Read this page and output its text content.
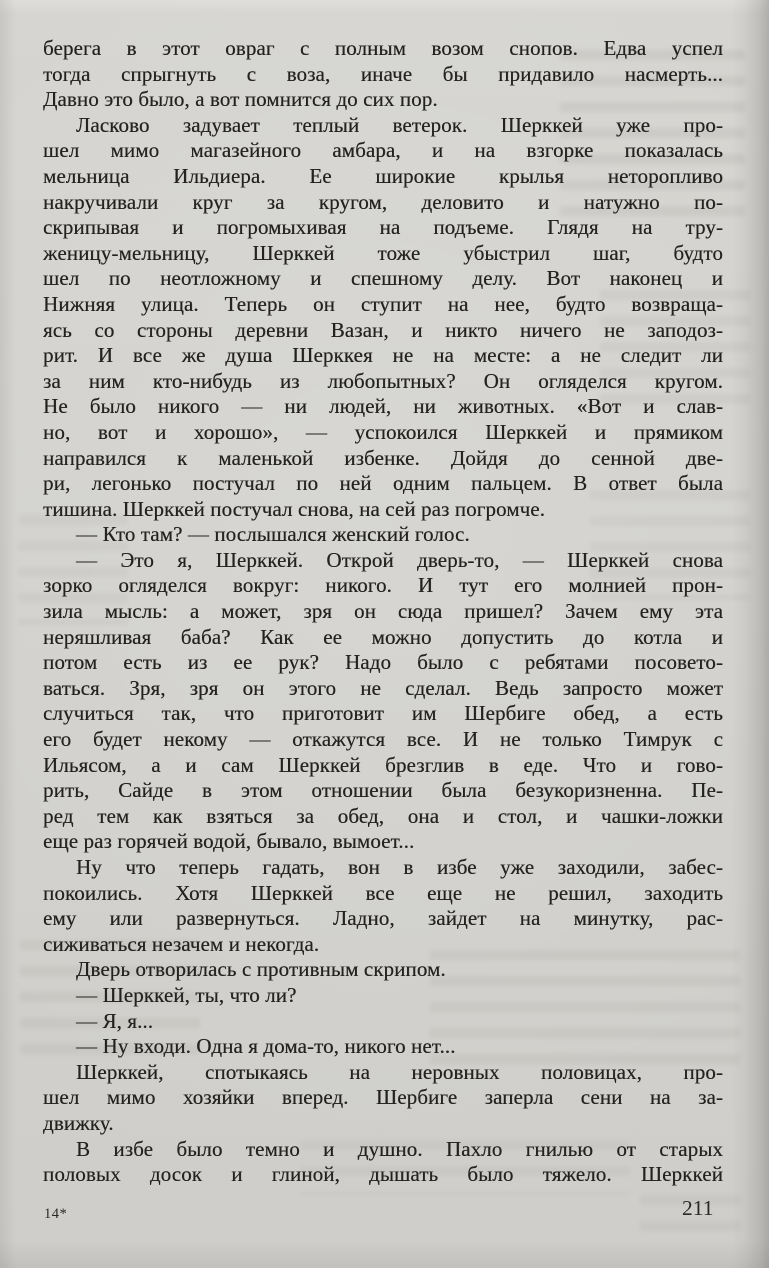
берега в этот овраг с полным возом снопов. Едва успел
тогда спрыгнуть с воза, иначе бы придавило насмерть...
Давно это было, а вот помнится до сих пор.
Ласково задувает теплый ветерок. Шерккей уже про-
шел мимо магазейного амбара, и на взгорке показалась
мельница Ильдиера. Ее широкие крылья неторопливо
накручивали круг за кругом, деловито и натужно по-
скрипывая и погромыхивая на подъеме. Глядя на тру-
женицу-мельницу, Шерккей тоже убыстрил шаг, будто
шел по неотложному и спешному делу. Вот наконец и
Нижняя улица. Теперь он ступит на нее, будто возвраща-
ясь со стороны деревни Вазан, и никто ничего не заподоз-
рит. И все же душа Шерккея не на месте: а не следит ли
за ним кто-нибудь из любопытных? Он огляделся кругом.
Не было никого — ни людей, ни животных. «Вот и слав-
но, вот и хорошо», — успокоился Шерккей и прямиком
направился к маленькой избенке. Дойдя до сенной две-
ри, легонько постучал по ней одним пальцем. В ответ была
тишина. Шерккей постучал снова, на сей раз погромче.
— Кто там? — послышался женский голос.
— Это я, Шерккей. Открой дверь-то, — Шерккей снова
зорко огляделся вокруг: никого. И тут его молнией прон-
зила мысль: а может, зря он сюда пришел? Зачем ему эта
неряшливая баба? Как ее можно допустить до котла и
потом есть из ее рук? Надо было с ребятами посовето-
ваться. Зря, зря он этого не сделал. Ведь запросто может
случиться так, что приготовит им Шербиге обед, а есть
его будет некому — откажутся все. И не только Тимрук с
Ильясом, а и сам Шерккей брезглив в еде. Что и гово-
рить, Сайде в этом отношении была безукоризненна. Пе-
ред тем как взяться за обед, она и стол, и чашки-ложки
еще раз горячей водой, бывало, вымоет...
Ну что теперь гадать, вон в избе уже заходили, забес-
покоились. Хотя Шерккей все еще не решил, заходить
ему или развернуться. Ладно, зайдет на минутку, рас-
сиживаться незачем и некогда.
Дверь отворилась с противным скрипом.
— Шерккей, ты, что ли?
— Я, я...
— Ну входи. Одна я дома-то, никого нет...
Шерккей, спотыкаясь на неровных половицах, про-
шел мимо хозяйки вперед. Шербиге заперла сени на за-
движку.
В избе было темно и душно. Пахло гнилью от старых
половых досок и глиной, дышать было тяжело. Шерккей
14*	211
